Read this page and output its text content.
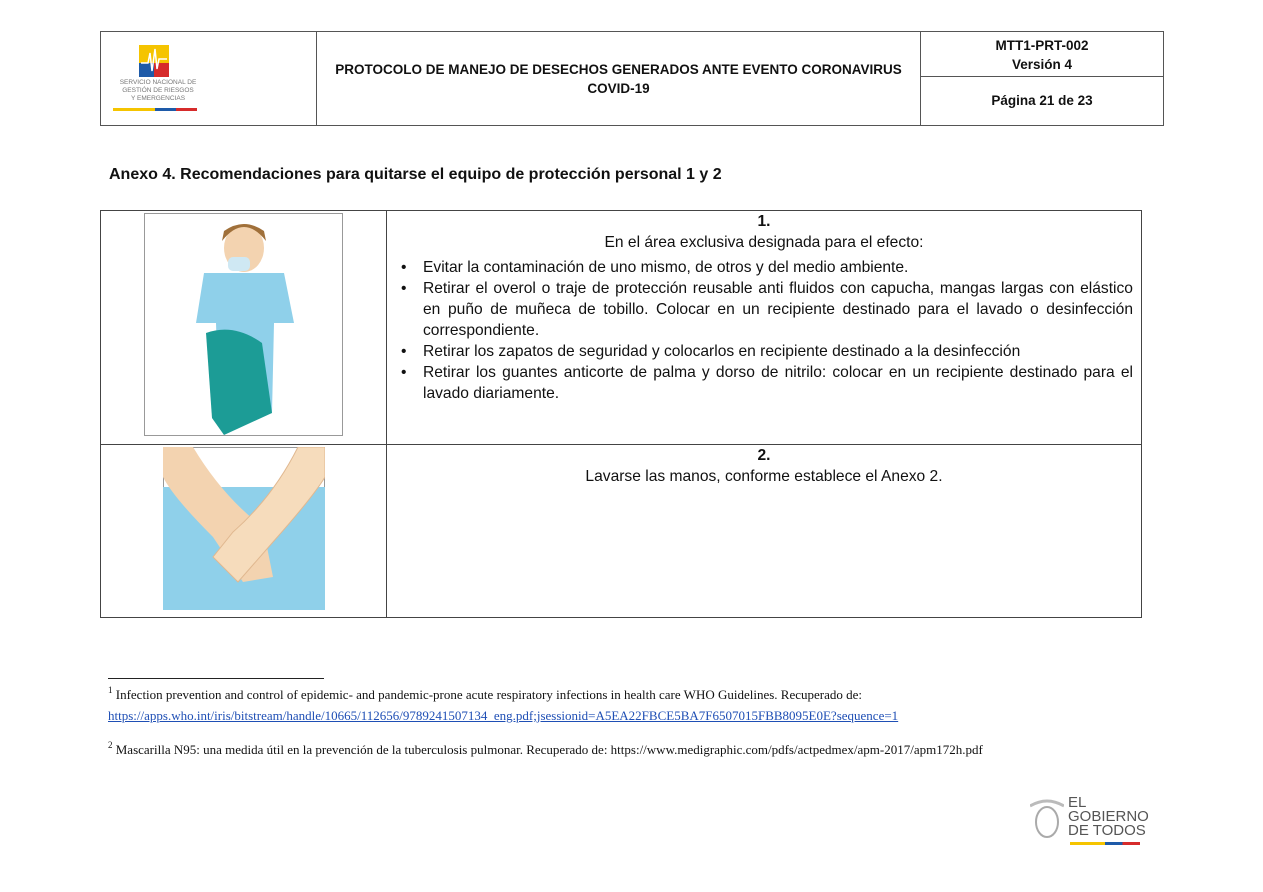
SERVICIO NACIONAL DE
GESTIÓN DE RIESGOS
Y EMERGENCIAS
PROTOCOLO DE MANEJO DE DESECHOS GENERADOS ANTE EVENTO CORONAVIRUS COVID-19
MTT1-PRT-002
Versión 4
Página 21 de 23
Anexo 4. Recomendaciones para quitarse el equipo de protección personal 1 y 2
1.
En el área exclusiva designada para el efecto:
• Evitar la contaminación de uno mismo, de otros y del medio ambiente.
• Retirar el overol o traje de protección reusable anti fluidos con capucha, mangas largas con elástico en puño de muñeca de tobillo. Colocar en un recipiente destinado para el lavado o desinfección correspondiente.
• Retirar los zapatos de seguridad y colocarlos en recipiente destinado a la desinfección
• Retirar los guantes anticorte de palma y dorso de nitrilo: colocar en un recipiente destinado para el lavado diariamente.
2.
Lavarse las manos, conforme establece el Anexo 2.
$^1$ Infection prevention and control of epidemic- and pandemic-prone acute respiratory infections in health care WHO Guidelines. Recuperado de:
https://apps.who.int/iris/bitstream/handle/10665/112656/9789241507134_eng.pdf;jsessionid=A5EA22FBCE5BA7F6507015FBB8095E0E?sequence=1
$^2$ Mascarilla N95: una medida útil en la prevención de la tuberculosis pulmonar. Recuperado de: https://www.medigraphic.com/pdfs/actpedmex/apm-2017/apm172h.pdf
EL GOBIERNO DE TODOS
